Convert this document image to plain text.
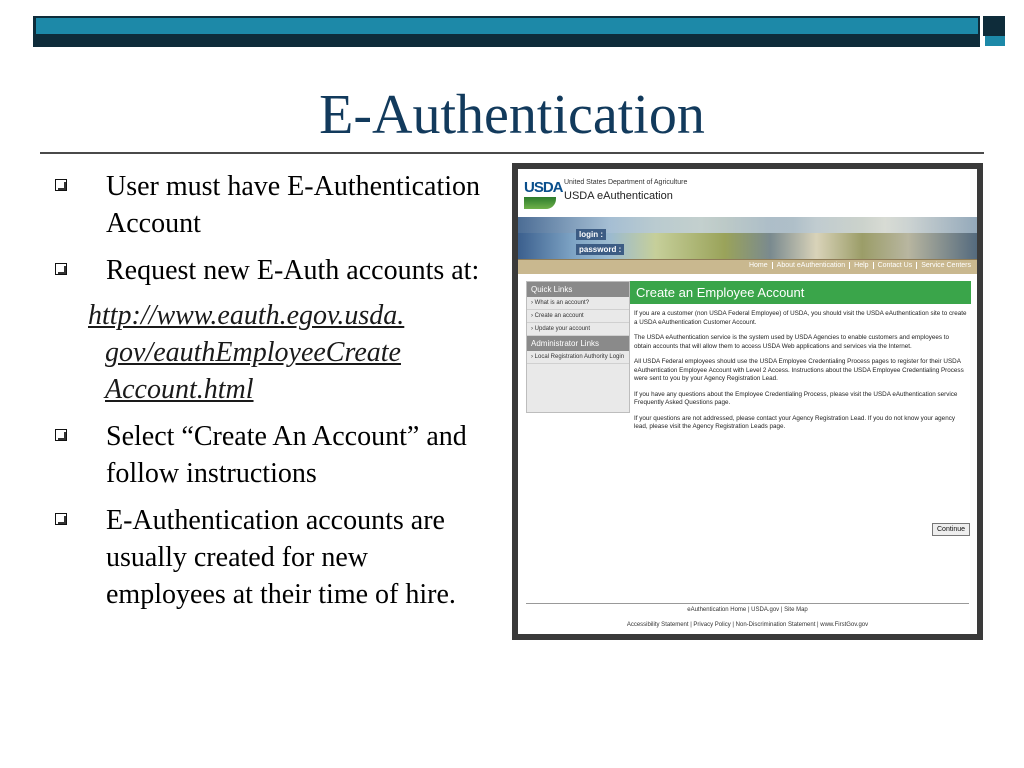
E-Authentication
User must have E-Authentication Account
Request new E-Auth accounts at:
http://www.eauth.egov.usda.
gov/eauthEmployeeCreate
Account.html
Select “Create An Account” and follow instructions
E-Authentication accounts are usually created for new employees at their time of hire.
USDA United States Department of Agriculture
USDA eAuthentication
login :
password :
Home About eAuthentication Help Contact Us Service Centers
Quick Links
› What is an account?
› Create an account
› Update your account
Administrator Links
› Local Registration Authority Login
Create an Employee Account

If you are a customer (non USDA Federal Employee) of USDA, you should visit the USDA eAuthentication site to create a USDA eAuthentication Customer Account.

The USDA eAuthentication service is the system used by USDA Agencies to enable customers and employees to obtain accounts that will allow them to access USDA Web applications and services via the Internet.

All USDA Federal employees should use the USDA Employee Credentialing Process pages to register for their USDA eAuthentication Employee Account with Level 2 Access. Instructions about the USDA Employee Credentialing Process were sent to you by your Agency Registration Lead.

If you have any questions about the Employee Credentialing Process, please visit the USDA eAuthentication service Frequently Asked Questions page.

If your questions are not addressed, please contact your Agency Registration Lead. If you do not know your agency lead, please visit the Agency Registration Leads page.

Continue
eAuthentication Home | USDA.gov | Site Map
Accessibility Statement | Privacy Policy | Non-Discrimination Statement | www.FirstGov.gov
